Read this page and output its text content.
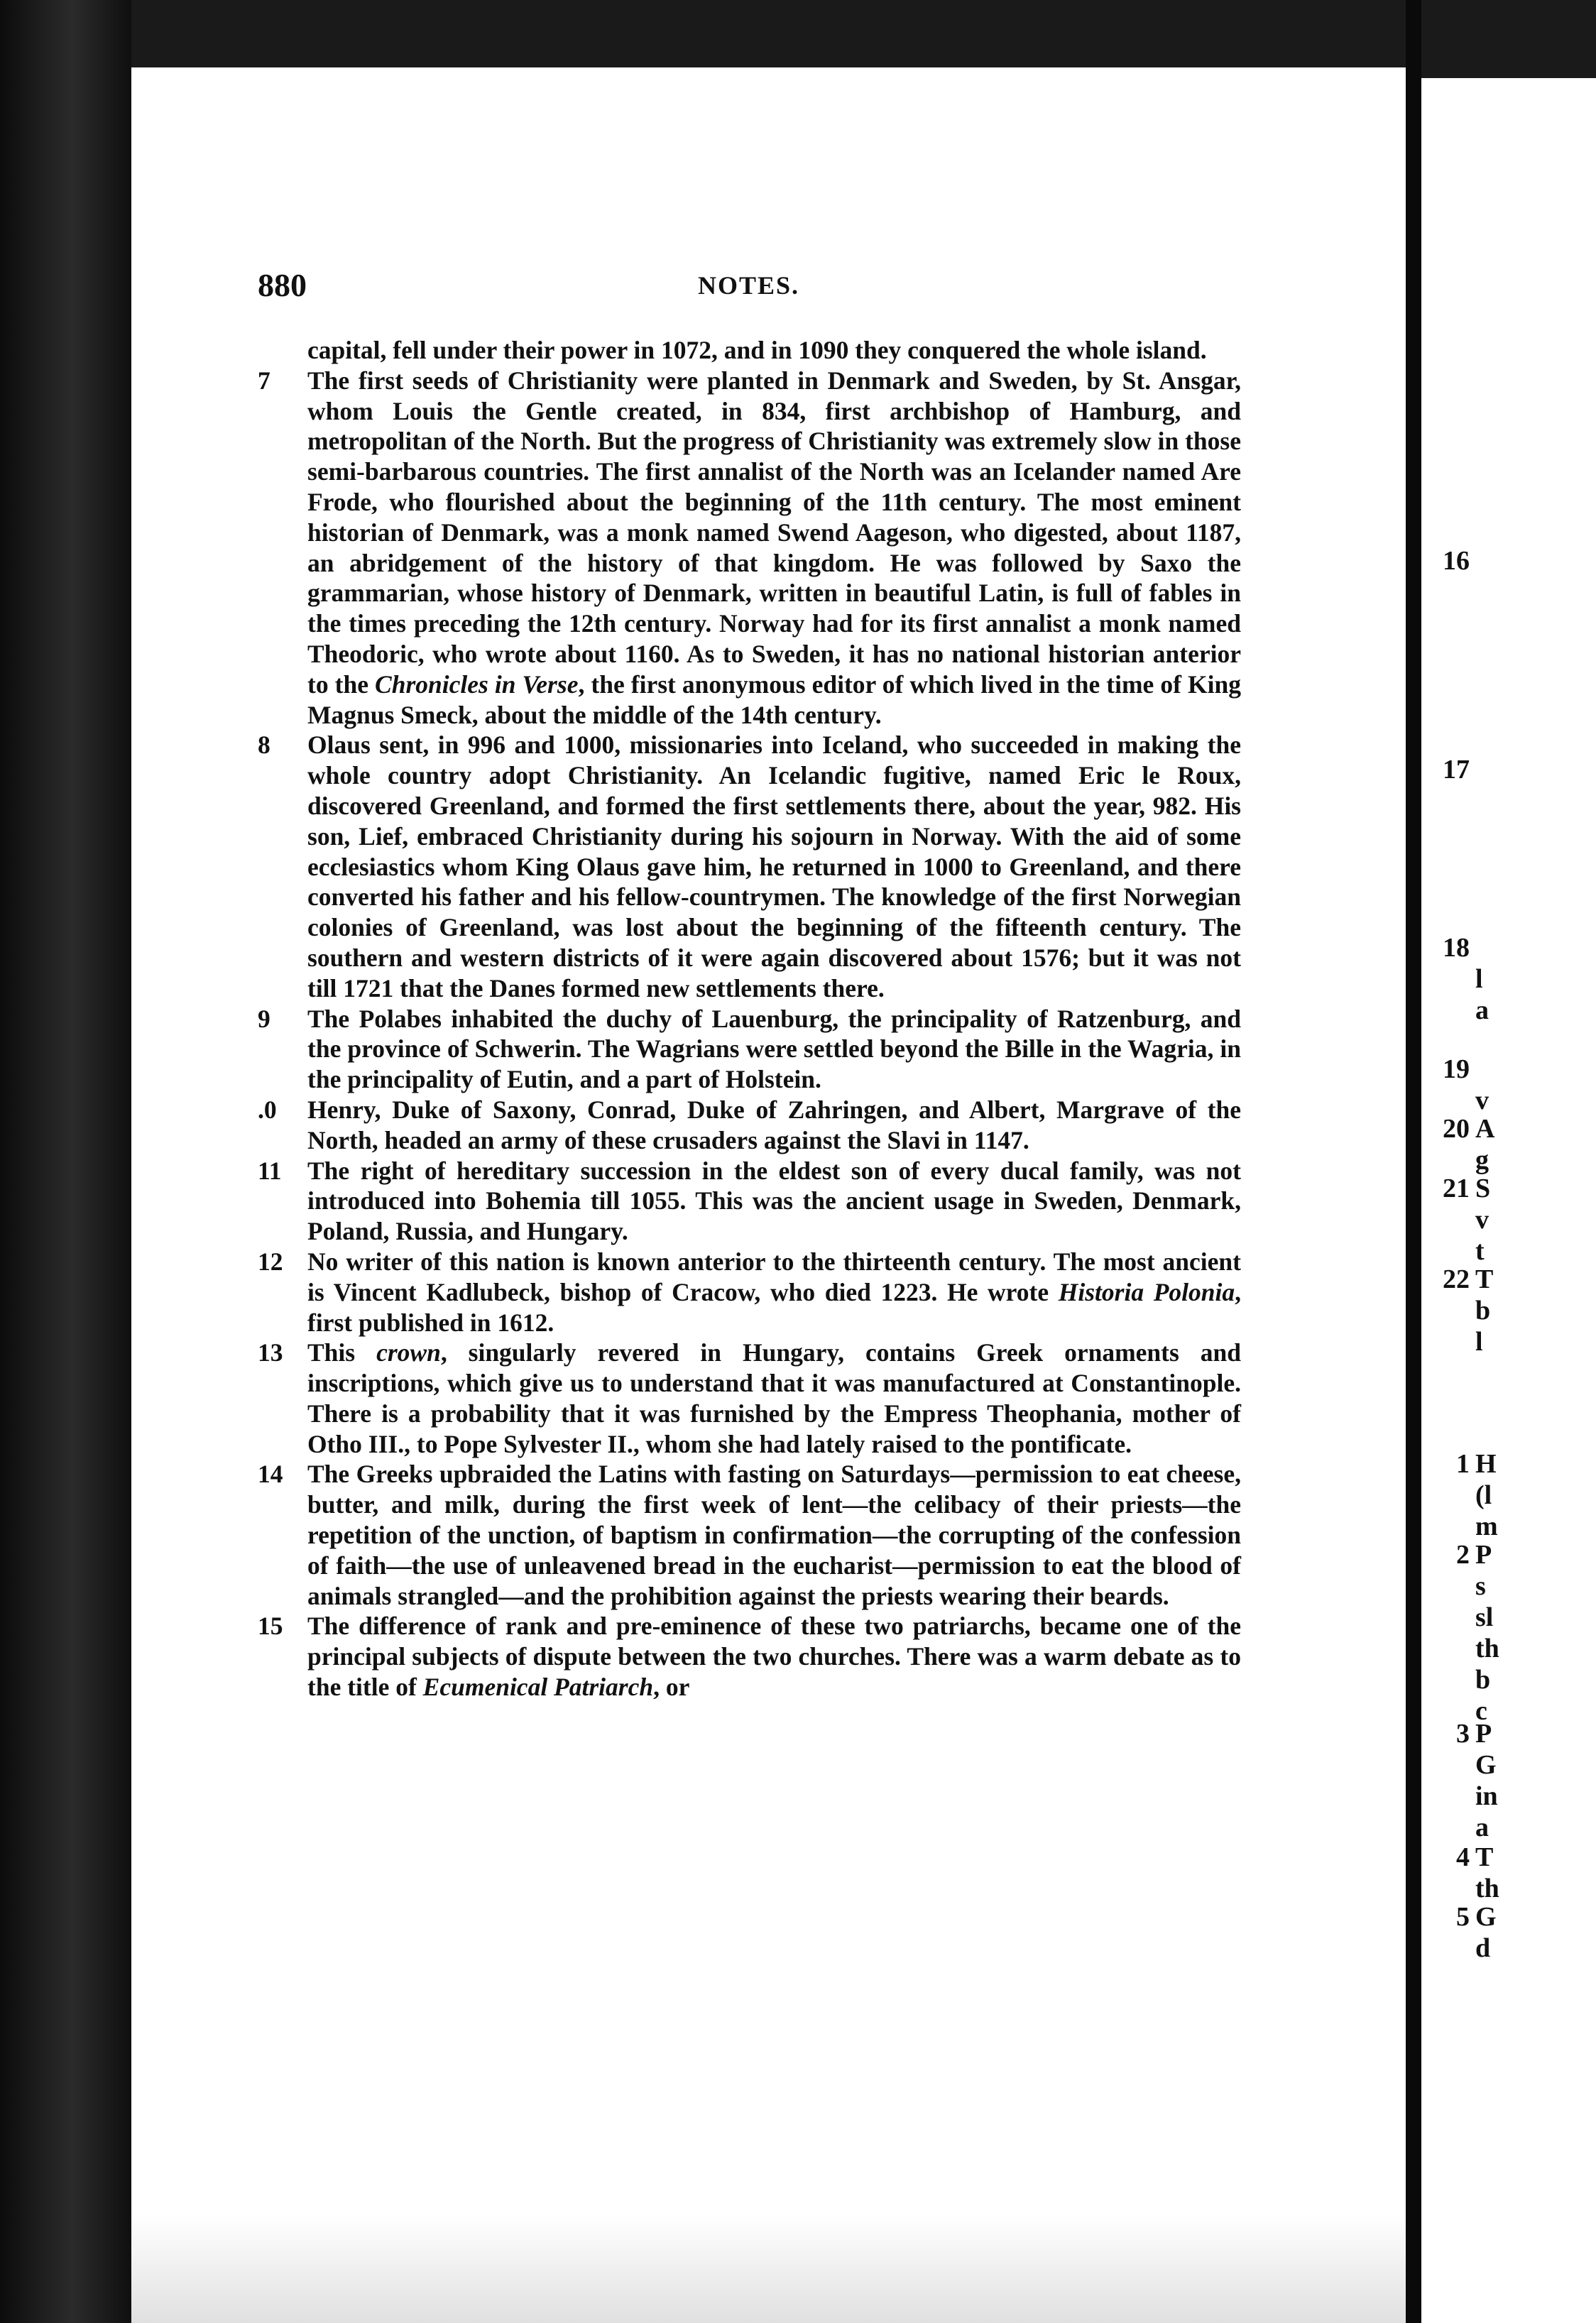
880	NOTES.
capital, fell under their power in 1072, and in 1090 they conquered the whole island.
7	The first seeds of Christianity were planted in Denmark and Sweden, by St. Ansgar, whom Louis the Gentle created, in 834, first archbishop of Hamburg, and metropolitan of the North. But the progress of Christianity was extremely slow in those semi-barbarous countries. The first annalist of the North was an Icelander named Are Frode, who flourished about the beginning of the 11th century. The most eminent historian of Denmark, was a monk named Swend Aageson, who digested, about 1187, an abridgement of the history of that kingdom. He was followed by Saxo the grammarian, whose history of Denmark, written in beautiful Latin, is full of fables in the times preceding the 12th century. Norway had for its first annalist a monk named Theodoric, who wrote about 1160. As to Sweden, it has no national historian anterior to the Chronicles in Verse, the first anonymous editor of which lived in the time of King Magnus Smeck, about the middle of the 14th century.
8	Olaus sent, in 996 and 1000, missionaries into Iceland, who succeeded in making the whole country adopt Christianity. An Icelandic fugitive, named Eric le Roux, discovered Greenland, and formed the first settlements there, about the year, 982. His son, Lief, embraced Christianity during his sojourn in Norway. With the aid of some ecclesiastics whom King Olaus gave him, he returned in 1000 to Greenland, and there converted his father and his fellow-countrymen. The knowledge of the first Norwegian colonies of Greenland, was lost about the beginning of the fifteenth century. The southern and western districts of it were again discovered about 1576; but it was not till 1721 that the Danes formed new settlements there.
9	The Polabes inhabited the duchy of Lauenburg, the principality of Ratzenburg, and the province of Schwerin. The Wagrians were settled beyond the Bille in the Wagria, in the principality of Eutin, and a part of Holstein.
.0	Henry, Duke of Saxony, Conrad, Duke of Zahringen, and Albert, Margrave of the North, headed an army of these crusaders against the Slavi in 1147.
11	The right of hereditary succession in the eldest son of every ducal family, was not introduced into Bohemia till 1055. This was the ancient usage in Sweden, Denmark, Poland, Russia, and Hungary.
12 No writer of this nation is known anterior to the thirteenth century. The most ancient is Vincent Kadlubeck, bishop of Cracow, who died 1223. He wrote Historia Polonia, first published in 1612.
13 This crown, singularly revered in Hungary, contains Greek ornaments and inscriptions, which give us to understand that it was manufactured at Constantinople. There is a probability that it was furnished by the Empress Theophania, mother of Otho III., to Pope Sylvester II., whom she had lately raised to the pontificate.
14 The Greeks upbraided the Latins with fasting on Saturdays—permission to eat cheese, butter, and milk, during the first week of lent—the celibacy of their priests—the repetition of the unction, of baptism in confirmation—the corrupting of the confession of faith—the use of unleavened bread in the eucharist—permission to eat the blood of animals strangled—and the prohibition against the priests wearing their beards.
15 The difference of rank and pre-eminence of these two patriarchs, became one of the principal subjects of dispute between the two churches. There was a warm debate as to the title of Ecumenical Patriarch, or
16
17
18
l
a
19
v
20 A
g
21 S
v
t
22 T
b
l
1 H
(l
m
2 P
s
sl
th
b
c
3 P
G
in
a
4 T
th
5 G
d
